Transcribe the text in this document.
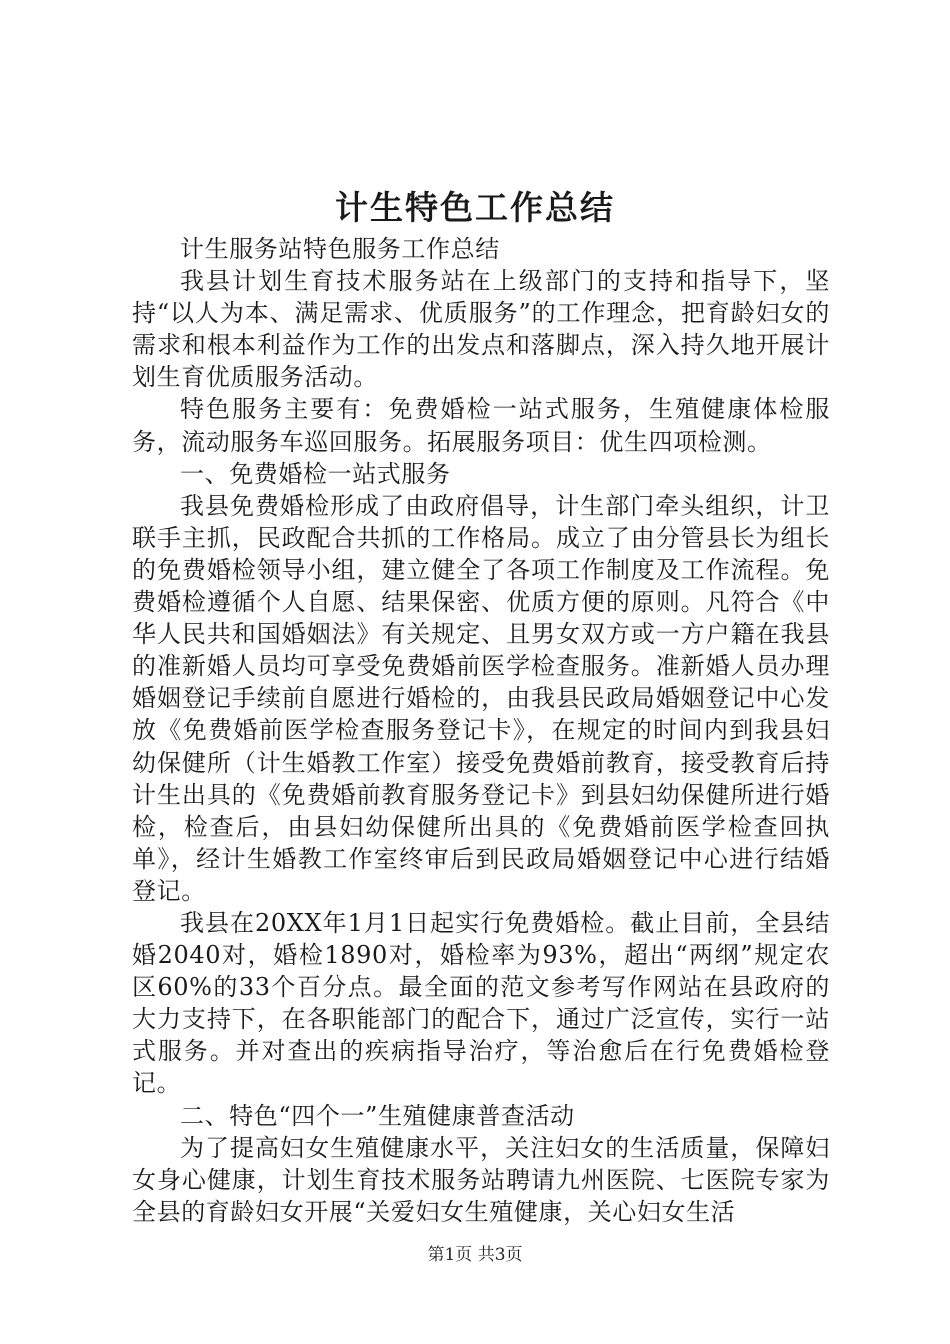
计生特色工作总结

计生服务站特色服务工作总结

我县计划生育技术服务站在上级部门的支持和指导下，坚持“以人为本、满足需求、优质服务”的工作理念，把育龄妇女的需求和根本利益作为工作的出发点和落脚点，深入持久地开展计划生育优质服务活动。

特色服务主要有：免费婚检一站式服务，生殖健康体检服务，流动服务车巡回服务。拓展服务项目：优生四项检测。

一、免费婚检一站式服务

我县免费婚检形成了由政府倡导，计生部门牵头组织，计卫联手主抓，民政配合共抓的工作格局。成立了由分管县长为组长的免费婚检领导小组，建立健全了各项工作制度及工作流程。免费婚检遵循个人自愿、结果保密、优质方便的原则。凡符合《中华人民共和国婚姻法》有关规定、且男女双方或一方户籍在我县的准新婚人员均可享受免费婚前医学检查服务。准新婚人员办理婚姻登记手续前自愿进行婚检的，由我县民政局婚姻登记中心发放《免费婚前医学检查服务登记卡》，在规定的时间内到我县妇幼保健所（计生婚教工作室）接受免费婚前教育，接受教育后持计生出具的《免费婚前教育服务登记卡》到县妇幼保健所进行婚检，检查后，由县妇幼保健所出具的《免费婚前医学检查回执单》，经计生婚教工作室终审后到民政局婚姻登记中心进行结婚登记。

我县在20XX年1月1日起实行免费婚检。截止目前，全县结婚2040对，婚检1890对，婚检率为93%，超出“两纲”规定农区60%的33个百分点。最全面的范文参考写作网站在县政府的大力支持下，在各职能部门的配合下，通过广泛宣传，实行一站式服务。并对查出的疾病指导治疗，等治愈后在行免费婚检登记。

二、特色“四个一”生殖健康普查活动

为了提高妇女生殖健康水平，关注妇女的生活质量，保障妇女身心健康，计划生育技术服务站聘请九州医院、七医院专家为全县的育龄妇女开展“关爱妇女生殖健康，关心妇女生活

第1页 共3页
